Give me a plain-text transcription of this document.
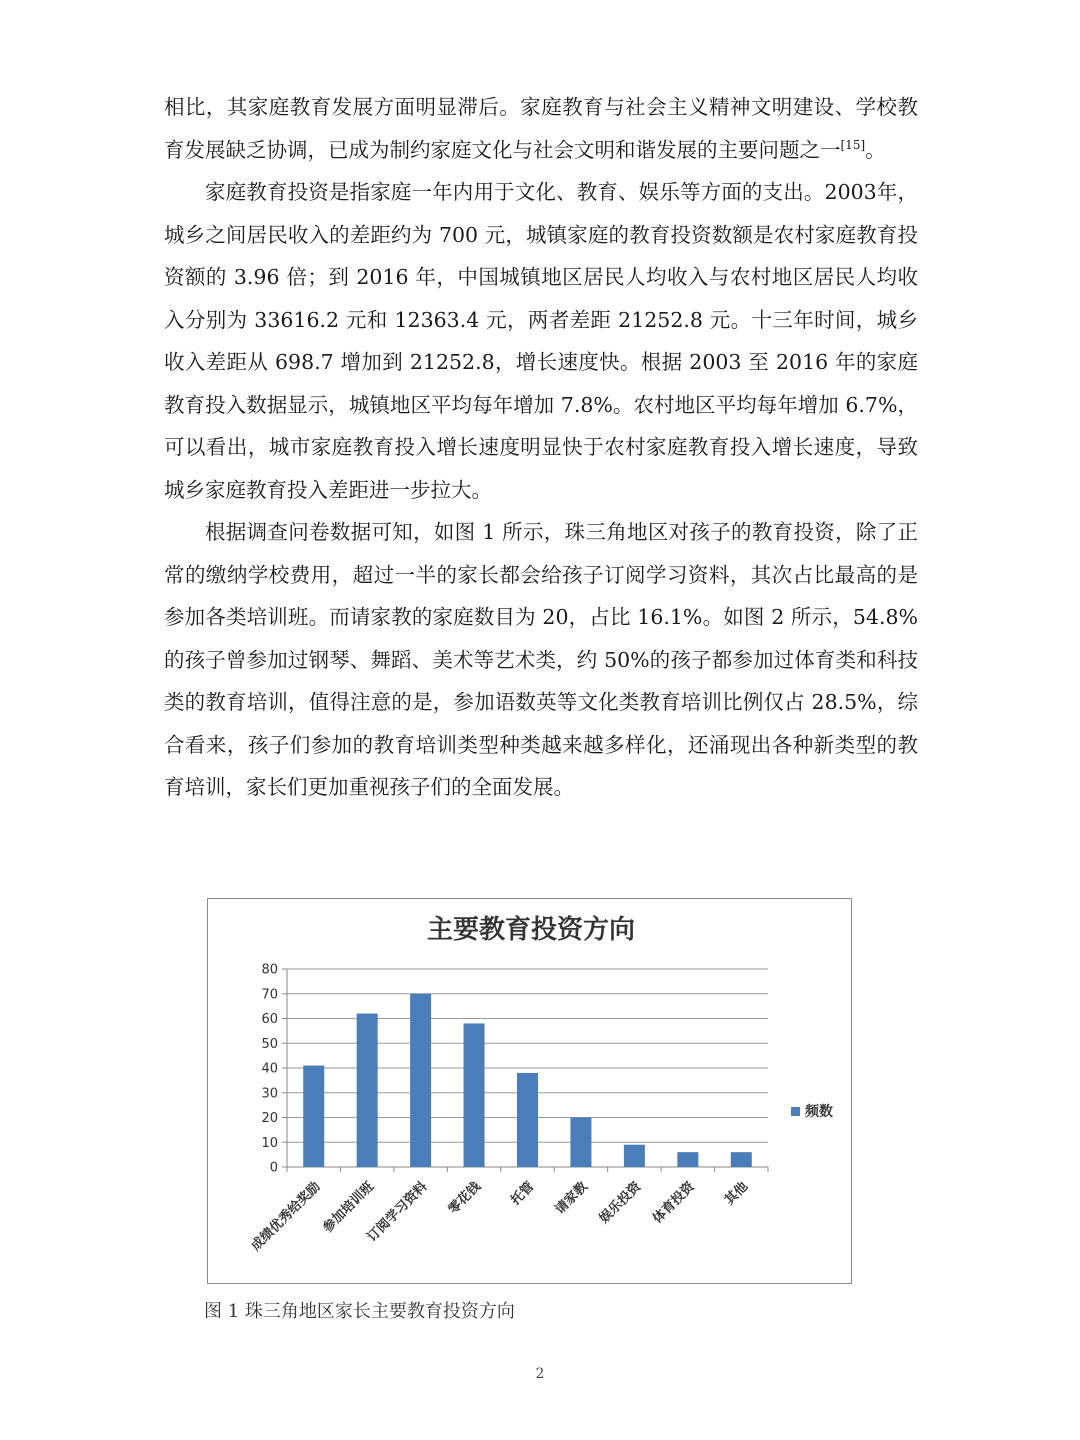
相比，其家庭教育发展方面明显滞后。家庭教育与社会主义精神文明建设、学校教育发展缺乏协调，已成为制约家庭文化与社会文明和谐发展的主要问题之一[15]。

家庭教育投资是指家庭一年内用于文化、教育、娱乐等方面的支出。2003年，城乡之间居民收入的差距约为 700 元，城镇家庭的教育投资数额是农村家庭教育投资额的 3.96 倍；到 2016 年，中国城镇地区居民人均收入与农村地区居民人均收入分别为 33616.2 元和 12363.4 元，两者差距 21252.8 元。十三年时间，城乡收入差距从 698.7 增加到 21252.8，增长速度快。根据 2003 至 2016 年的家庭教育投入数据显示，城镇地区平均每年增加 7.8%。农村地区平均每年增加 6.7%，可以看出，城市家庭教育投入增长速度明显快于农村家庭教育投入增长速度，导致城乡家庭教育投入差距进一步拉大。

根据调查问卷数据可知，如图 1 所示，珠三角地区对孩子的教育投资，除了正常的缴纳学校费用，超过一半的家长都会给孩子订阅学习资料，其次占比最高的是参加各类培训班。而请家教的家庭数目为 20，占比 16.1%。如图 2 所示，54.8%的孩子曾参加过钢琴、舞蹈、美术等艺术类，约 50%的孩子都参加过体育类和科技类的教育培训，值得注意的是，参加语数英等文化类教育培训比例仅占 28.5%，综合看来，孩子们参加的教育培训类型种类越来越多样化，还涌现出各种新类型的教育培训，家长们更加重视孩子们的全面发展。

主要教育投资方向
0
10
20
30
40
50
60
70
80
成绩优秀给奖励
参加培训班
订阅学习资料 零花钱 托管 请家教 娱乐投资 体育投资 其他
频数
图 1 珠三角地区家长主要教育投资方向
2
